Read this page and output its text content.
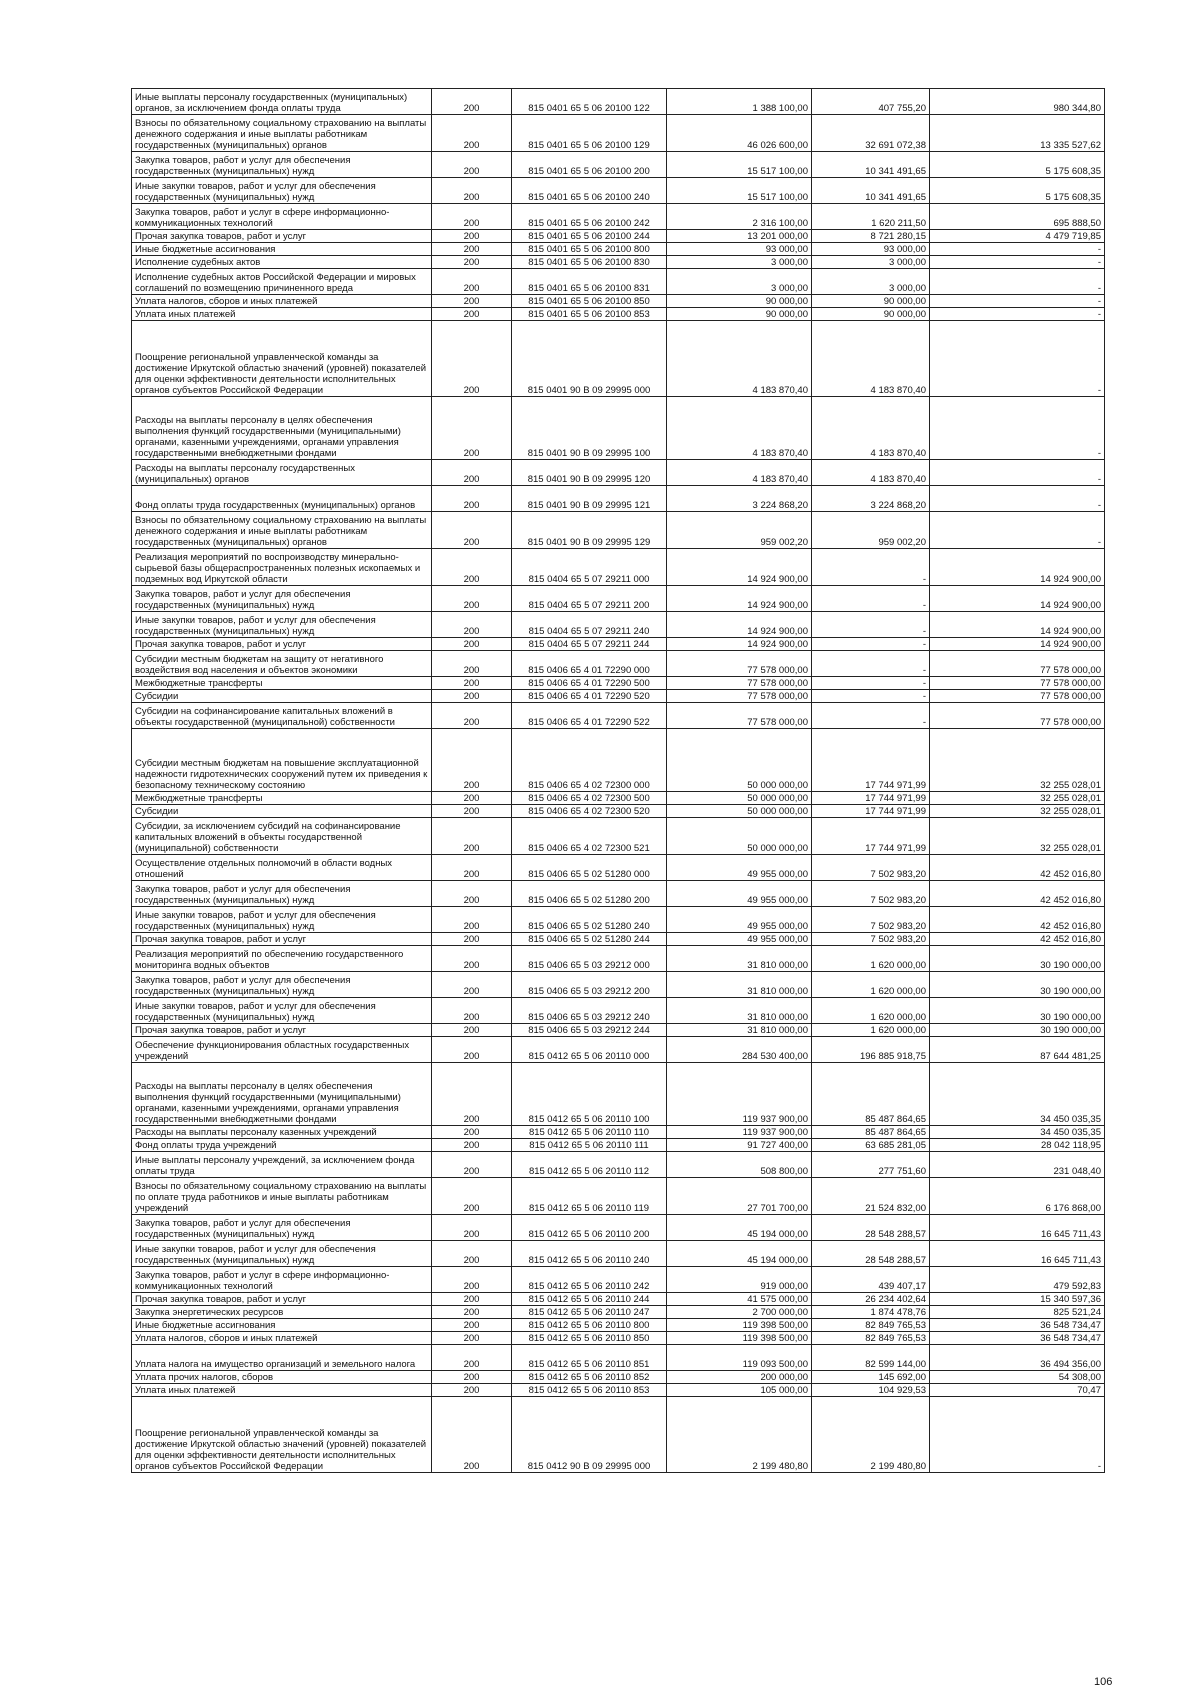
Иные выплаты персоналу государственных (муниципальных) органов, за исключением фонда оплаты труда	200	815 0401 65 5 06 20100 122	1 388 100,00	407 755,20	980 344,80
Взносы по обязательному социальному страхованию на выплаты денежного содержания и иные выплаты работникам государственных (муниципальных) органов	200	815 0401 65 5 06 20100 129	46 026 600,00	32 691 072,38	13 335 527,62
Закупка товаров, работ и услуг для обеспечения государственных (муниципальных) нужд	200	815 0401 65 5 06 20100 200	15 517 100,00	10 341 491,65	5 175 608,35
Иные закупки товаров, работ и услуг для обеспечения государственных (муниципальных) нужд	200	815 0401 65 5 06 20100 240	15 517 100,00	10 341 491,65	5 175 608,35
Закупка товаров, работ и услуг в сфере информационно-коммуникационных технологий	200	815 0401 65 5 06 20100 242	2 316 100,00	1 620 211,50	695 888,50
Прочая закупка товаров, работ и услуг	200	815 0401 65 5 06 20100 244	13 201 000,00	8 721 280,15	4 479 719,85
Иные бюджетные ассигнования	200	815 0401 65 5 06 20100 800	93 000,00	93 000,00	-
Исполнение судебных актов	200	815 0401 65 5 06 20100 830	3 000,00	3 000,00	-
Исполнение судебных актов Российской Федерации и мировых соглашений по возмещению причиненного вреда	200	815 0401 65 5 06 20100 831	3 000,00	3 000,00	-
Уплата налогов, сборов и иных платежей	200	815 0401 65 5 06 20100 850	90 000,00	90 000,00	-
Уплата иных платежей	200	815 0401 65 5 06 20100 853	90 000,00	90 000,00	-
Поощрение региональной управленческой команды за достижение Иркутской областью значений (уровней) показателей для оценки эффективности деятельности исполнительных органов субъектов Российской Федерации	200	815 0401 90 В 09 29995 000	4 183 870,40	4 183 870,40	-
Расходы на выплаты персоналу в целях обеспечения выполнения функций государственными (муниципальными) органами, казенными учреждениями, органами управления государственными внебюджетными фондами	200	815 0401 90 В 09 29995 100	4 183 870,40	4 183 870,40	-
Расходы на выплаты персоналу государственных (муниципальных) органов	200	815 0401 90 В 09 29995 120	4 183 870,40	4 183 870,40	-
Фонд оплаты труда государственных (муниципальных) органов	200	815 0401 90 В 09 29995 121	3 224 868,20	3 224 868,20	-
Взносы по обязательному социальному страхованию на выплаты денежного содержания и иные выплаты работникам государственных (муниципальных) органов	200	815 0401 90 В 09 29995 129	959 002,20	959 002,20	-
Реализация мероприятий по воспроизводству минерально-сырьевой базы общераспространенных полезных ископаемых и подземных вод Иркутской области	200	815 0404 65 5 07 29211 000	14 924 900,00	-	14 924 900,00
Закупка товаров, работ и услуг для обеспечения государственных (муниципальных) нужд	200	815 0404 65 5 07 29211 200	14 924 900,00	-	14 924 900,00
Иные закупки товаров, работ и услуг для обеспечения государственных (муниципальных) нужд	200	815 0404 65 5 07 29211 240	14 924 900,00	-	14 924 900,00
Прочая закупка товаров, работ и услуг	200	815 0404 65 5 07 29211 244	14 924 900,00	-	14 924 900,00
Субсидии местным бюджетам на защиту от негативного воздействия вод населения и объектов экономики	200	815 0406 65 4 01 72290 000	77 578 000,00	-	77 578 000,00
Межбюджетные трансферты	200	815 0406 65 4 01 72290 500	77 578 000,00	-	77 578 000,00
Субсидии	200	815 0406 65 4 01 72290 520	77 578 000,00	-	77 578 000,00
Субсидии на софинансирование капитальных вложений в объекты государственной (муниципальной) собственности	200	815 0406 65 4 01 72290 522	77 578 000,00	-	77 578 000,00
Субсидии местным бюджетам на повышение эксплуатационной надежности гидротехнических сооружений путем их приведения к безопасному техническому состоянию	200	815 0406 65 4 02 72300 000	50 000 000,00	17 744 971,99	32 255 028,01
Межбюджетные трансферты	200	815 0406 65 4 02 72300 500	50 000 000,00	17 744 971,99	32 255 028,01
Субсидии	200	815 0406 65 4 02 72300 520	50 000 000,00	17 744 971,99	32 255 028,01
Субсидии, за исключением субсидий на софинансирование капитальных вложений в объекты государственной (муниципальной) собственности	200	815 0406 65 4 02 72300 521	50 000 000,00	17 744 971,99	32 255 028,01
Осуществление отдельных полномочий в области водных отношений	200	815 0406 65 5 02 51280 000	49 955 000,00	7 502 983,20	42 452 016,80
Закупка товаров, работ и услуг для обеспечения государственных (муниципальных) нужд	200	815 0406 65 5 02 51280 200	49 955 000,00	7 502 983,20	42 452 016,80
Иные закупки товаров, работ и услуг для обеспечения государственных (муниципальных) нужд	200	815 0406 65 5 02 51280 240	49 955 000,00	7 502 983,20	42 452 016,80
Прочая закупка товаров, работ и услуг	200	815 0406 65 5 02 51280 244	49 955 000,00	7 502 983,20	42 452 016,80
Реализация мероприятий по обеспечению государственного мониторинга водных объектов	200	815 0406 65 5 03 29212 000	31 810 000,00	1 620 000,00	30 190 000,00
Закупка товаров, работ и услуг для обеспечения государственных (муниципальных) нужд	200	815 0406 65 5 03 29212 200	31 810 000,00	1 620 000,00	30 190 000,00
Иные закупки товаров, работ и услуг для обеспечения государственных (муниципальных) нужд	200	815 0406 65 5 03 29212 240	31 810 000,00	1 620 000,00	30 190 000,00
Прочая закупка товаров, работ и услуг	200	815 0406 65 5 03 29212 244	31 810 000,00	1 620 000,00	30 190 000,00
Обеспечение функционирования областных государственных учреждений	200	815 0412 65 5 06 20110 000	284 530 400,00	196 885 918,75	87 644 481,25
Расходы на выплаты персоналу в целях обеспечения выполнения функций государственными (муниципальными) органами, казенными учреждениями, органами управления государственными внебюджетными фондами	200	815 0412 65 5 06 20110 100	119 937 900,00	85 487 864,65	34 450 035,35
Расходы на выплаты персоналу казенных учреждений	200	815 0412 65 5 06 20110 110	119 937 900,00	85 487 864,65	34 450 035,35
Фонд оплаты труда учреждений	200	815 0412 65 5 06 20110 111	91 727 400,00	63 685 281,05	28 042 118,95
Иные выплаты персоналу учреждений, за исключением фонда оплаты труда	200	815 0412 65 5 06 20110 112	508 800,00	277 751,60	231 048,40
Взносы по обязательному социальному страхованию на выплаты по оплате труда работников и иные выплаты работникам учреждений	200	815 0412 65 5 06 20110 119	27 701 700,00	21 524 832,00	6 176 868,00
Закупка товаров, работ и услуг для обеспечения государственных (муниципальных) нужд	200	815 0412 65 5 06 20110 200	45 194 000,00	28 548 288,57	16 645 711,43
Иные закупки товаров, работ и услуг для обеспечения государственных (муниципальных) нужд	200	815 0412 65 5 06 20110 240	45 194 000,00	28 548 288,57	16 645 711,43
Закупка товаров, работ и услуг в сфере информационно-коммуникационных технологий	200	815 0412 65 5 06 20110 242	919 000,00	439 407,17	479 592,83
Прочая закупка товаров, работ и услуг	200	815 0412 65 5 06 20110 244	41 575 000,00	26 234 402,64	15 340 597,36
Закупка энергетических ресурсов	200	815 0412 65 5 06 20110 247	2 700 000,00	1 874 478,76	825 521,24
Иные бюджетные ассигнования	200	815 0412 65 5 06 20110 800	119 398 500,00	82 849 765,53	36 548 734,47
Уплата налогов, сборов и иных платежей	200	815 0412 65 5 06 20110 850	119 398 500,00	82 849 765,53	36 548 734,47
Уплата налога на имущество организаций и земельного налога	200	815 0412 65 5 06 20110 851	119 093 500,00	82 599 144,00	36 494 356,00
Уплата прочих налогов, сборов	200	815 0412 65 5 06 20110 852	200 000,00	145 692,00	54 308,00
Уплата иных платежей	200	815 0412 65 5 06 20110 853	105 000,00	104 929,53	70,47
Поощрение региональной управленческой команды за достижение Иркутской областью значений (уровней) показателей для оценки эффективности деятельности исполнительных органов субъектов Российской Федерации	200	815 0412 90 В 09 29995 000	2 199 480,80	2 199 480,80	-
106
